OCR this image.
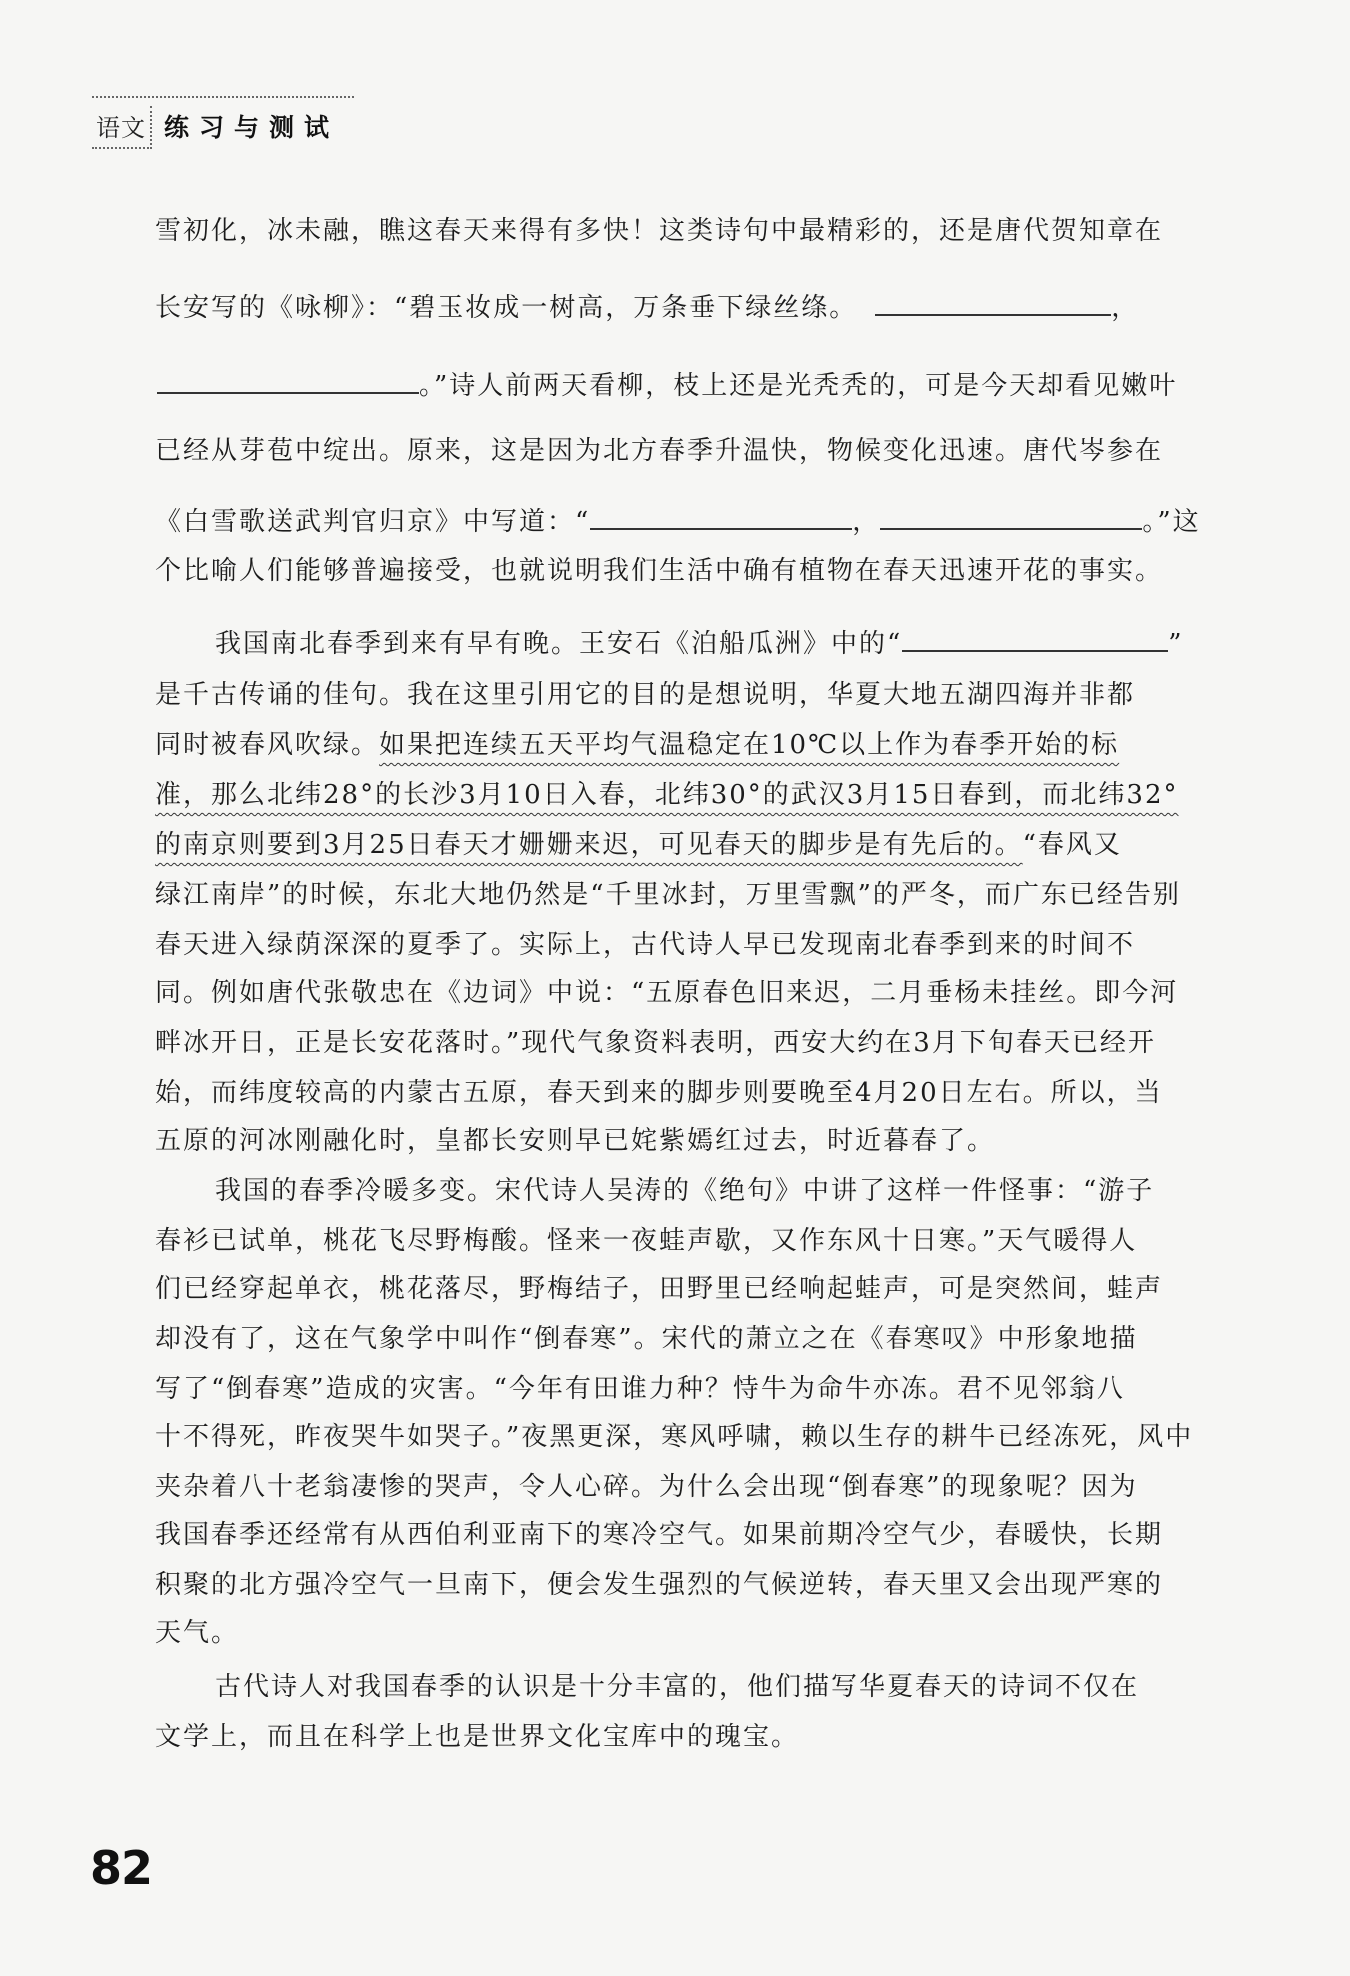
语文 练习与测试
雪初化，冰未融，瞧这春天来得有多快！这类诗句中最精彩的，还是唐代贺知章在
长安写的《咏柳》：“碧玉妆成一树高，万条垂下绿丝绦。	，
。”诗人前两天看柳，枝上还是光秃秃的，可是今天却看见嫩叶
已经从芽苞中绽出。原来，这是因为北方春季升温快，物候变化迅速。唐代岑参在
《白雪歌送武判官归京》中写道：“	，	。”这
个比喻人们能够普遍接受，也就说明我们生活中确有植物在春天迅速开花的事实。
我国南北春季到来有早有晚。王安石《泊船瓜洲》中的“	”
是千古传诵的佳句。我在这里引用它的目的是想说明，华夏大地五湖四海并非都
同时被春风吹绿。如果把连续五天平均气温稳定在10℃以上作为春季开始的标
准，那么北纬28°的长沙3月10日入春，北纬30°的武汉3月15日春到，而北纬32°
的南京则要到3月25日春天才姗姗来迟，可见春天的脚步是有先后的。“春风又
绿江南岸”的时候，东北大地仍然是“千里冰封，万里雪飘”的严冬，而广东已经告别
春天进入绿荫深深的夏季了。实际上，古代诗人早已发现南北春季到来的时间不
同。例如唐代张敬忠在《边词》中说：“五原春色旧来迟，二月垂杨未挂丝。即今河
畔冰开日，正是长安花落时。”现代气象资料表明，西安大约在3月下旬春天已经开
始，而纬度较高的内蒙古五原，春天到来的脚步则要晚至4月20日左右。所以，当
五原的河冰刚融化时，皇都长安则早已姹紫嫣红过去，时近暮春了。
我国的春季冷暖多变。宋代诗人吴涛的《绝句》中讲了这样一件怪事：“游子
春衫已试单，桃花飞尽野梅酸。怪来一夜蛙声歇，又作东风十日寒。”天气暖得人
们已经穿起单衣，桃花落尽，野梅结子，田野里已经响起蛙声，可是突然间，蛙声
却没有了，这在气象学中叫作“倒春寒”。宋代的萧立之在《春寒叹》中形象地描
写了“倒春寒”造成的灾害。“今年有田谁力种？恃牛为命牛亦冻。君不见邻翁八
十不得死，昨夜哭牛如哭子。”夜黑更深，寒风呼啸，赖以生存的耕牛已经冻死，风中
夹杂着八十老翁凄惨的哭声，令人心碎。为什么会出现“倒春寒”的现象呢？因为
我国春季还经常有从西伯利亚南下的寒冷空气。如果前期冷空气少，春暖快，长期
积聚的北方强冷空气一旦南下，便会发生强烈的气候逆转，春天里又会出现严寒的
天气。
古代诗人对我国春季的认识是十分丰富的，他们描写华夏春天的诗词不仅在
文学上，而且在科学上也是世界文化宝库中的瑰宝。
82
